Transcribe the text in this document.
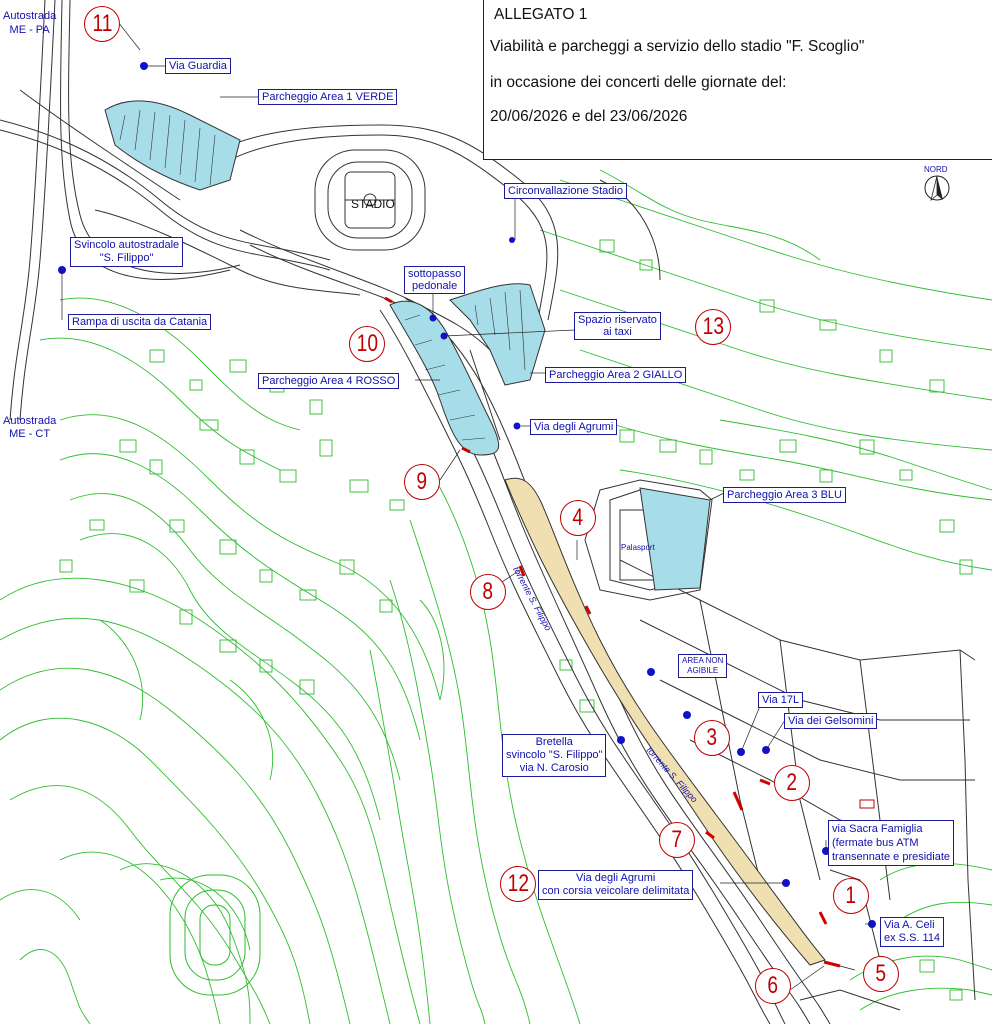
ALLEGATO 1
Viabilità e parcheggi a servizio dello stadio "F. Scoglio"
in occasione dei concerti delle giornate del:
20/06/2026 e del 23/06/2026
NORD
Autostrada
ME - PA
Autostrada
ME - CT
Via Guardia
Parcheggio Area 1 VERDE
STADIO
Circonvallazione Stadio
Svincolo autostradale
"S. Filippo"
Rampa di uscita da Catania
sottopasso
pedonale
Spazio riservato
ai taxi
Parcheggio Area 4 ROSSO	Parcheggio Area 2 GIALLO
Via degli Agrumi
Parcheggio Area 3 BLU
Palasport
AREA NON
AGIBILE
torrente S. Filippo
torrente S. Filippo
Via 17L
Via dei Gelsomini
Bretella
svincolo "S. Filippo"
via N. Carosio
via Sacra Famiglia
(fermate bus ATM
transennate e presidiate
Via degli Agrumi
con corsia veicolare delimitata
Via A. Celi
ex S.S. 114
1
2
3
4
5
6
7
8
9
10
11
12
13
